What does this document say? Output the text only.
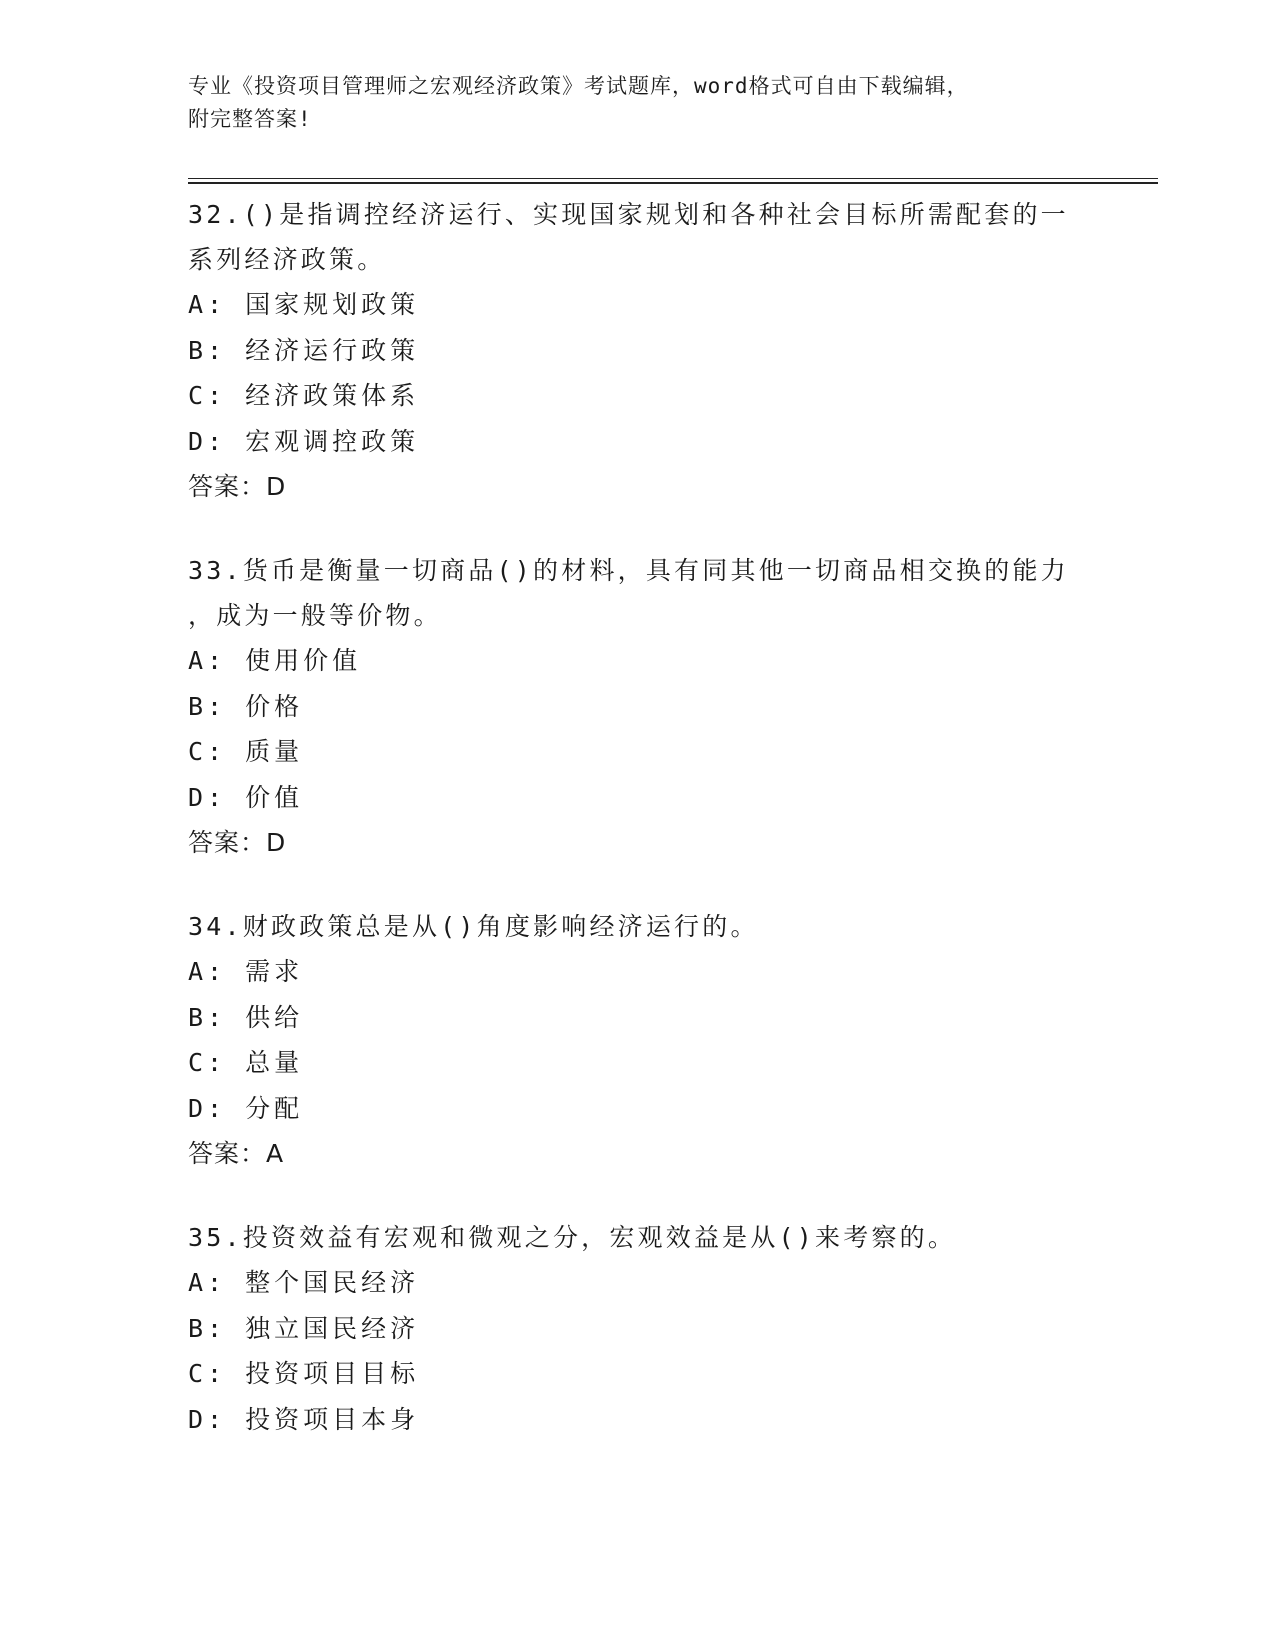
专业《投资项目管理师之宏观经济政策》考试题库，word格式可自由下载编辑，
附完整答案!

32.()是指调控经济运行、实现国家规划和各种社会目标所需配套的一
系列经济政策。

A: 国家规划政策

B: 经济运行政策

C: 经济政策体系

D: 宏观调控政策

答案：D

33.货币是衡量一切商品()的材料，具有同其他一切商品相交换的能力
，成为一般等价物。

A: 使用价值

B: 价格

C: 质量

D: 价值

答案：D

34.财政政策总是从()角度影响经济运行的。

A: 需求

B: 供给

C: 总量

D: 分配

答案：A

35.投资效益有宏观和微观之分，宏观效益是从()来考察的。

A: 整个国民经济

B: 独立国民经济

C: 投资项目目标

D: 投资项目本身
